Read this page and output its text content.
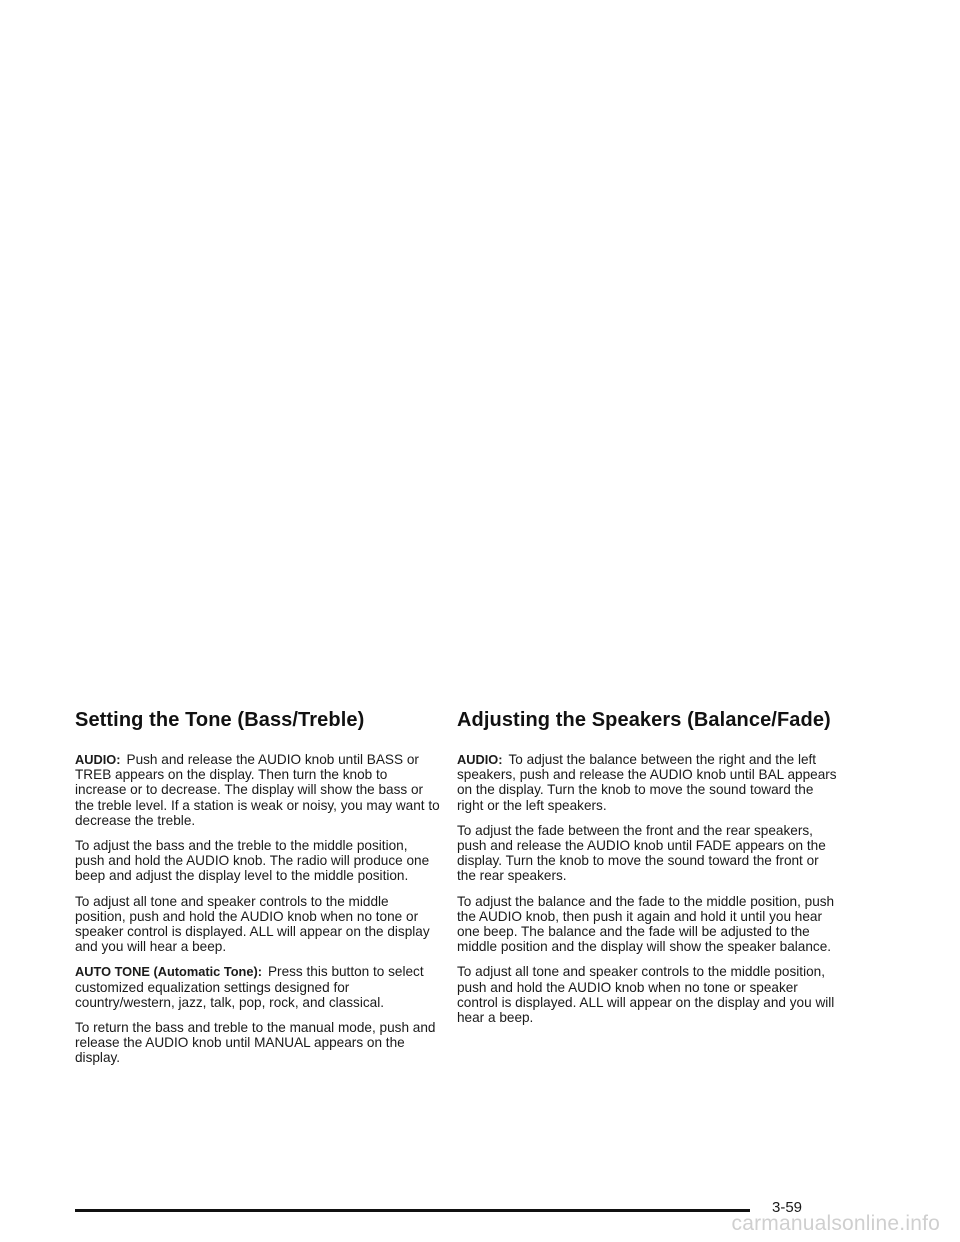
Setting the Tone (Bass/Treble)

AUDIO: Push and release the AUDIO knob until BASS or TREB appears on the display. Then turn the knob to increase or to decrease. The display will show the bass or the treble level. If a station is weak or noisy, you may want to decrease the treble.

To adjust the bass and the treble to the middle position, push and hold the AUDIO knob. The radio will produce one beep and adjust the display level to the middle position.

To adjust all tone and speaker controls to the middle position, push and hold the AUDIO knob when no tone or speaker control is displayed. ALL will appear on the display and you will hear a beep.

AUTO TONE (Automatic Tone): Press this button to select customized equalization settings designed for country/western, jazz, talk, pop, rock, and classical.

To return the bass and treble to the manual mode, push and release the AUDIO knob until MANUAL appears on the display.

Adjusting the Speakers (Balance/Fade)

AUDIO: To adjust the balance between the right and the left speakers, push and release the AUDIO knob until BAL appears on the display. Turn the knob to move the sound toward the right or the left speakers.

To adjust the fade between the front and the rear speakers, push and release the AUDIO knob until FADE appears on the display. Turn the knob to move the sound toward the front or the rear speakers.

To adjust the balance and the fade to the middle position, push the AUDIO knob, then push it again and hold it until you hear one beep. The balance and the fade will be adjusted to the middle position and the display will show the speaker balance.

To adjust all tone and speaker controls to the middle position, push and hold the AUDIO knob when no tone or speaker control is displayed. ALL will appear on the display and you will hear a beep.

3-59
carmanualsonline.info
